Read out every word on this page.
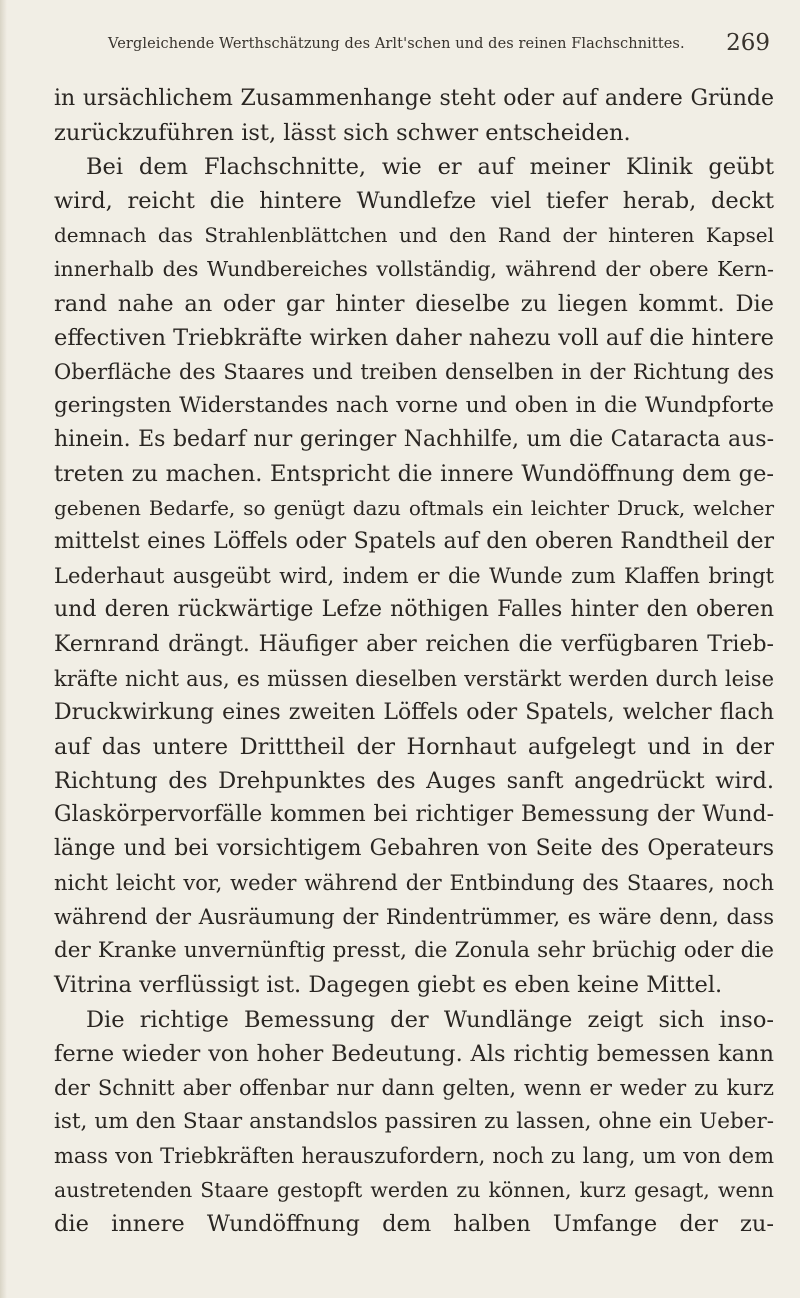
Vergleichende Werthschätzung des Arlt'schen und des reinen Flachschnittes. 269
in ursächlichem Zusammenhange steht oder auf andere Gründe
zurückzuführen ist, lässt sich schwer entscheiden.
Bei dem Flachschnitte, wie er auf meiner Klinik geübt
wird, reicht die hintere Wundlefze viel tiefer herab, deckt
demnach das Strahlenblättchen und den Rand der hinteren Kapsel
innerhalb des Wundbereiches vollständig, während der obere Kern-
rand nahe an oder gar hinter dieselbe zu liegen kommt. Die
effectiven Triebkräfte wirken daher nahezu voll auf die hintere
Oberfläche des Staares und treiben denselben in der Richtung des
geringsten Widerstandes nach vorne und oben in die Wundpforte
hinein. Es bedarf nur geringer Nachhilfe, um die Cataracta aus-
treten zu machen. Entspricht die innere Wundöffnung dem ge-
gebenen Bedarfe, so genügt dazu oftmals ein leichter Druck, welcher
mittelst eines Löffels oder Spatels auf den oberen Randtheil der
Lederhaut ausgeübt wird, indem er die Wunde zum Klaffen bringt
und deren rückwärtige Lefze nöthigen Falles hinter den oberen
Kernrand drängt. Häufiger aber reichen die verfügbaren Trieb-
kräfte nicht aus, es müssen dieselben verstärkt werden durch leise
Druckwirkung eines zweiten Löffels oder Spatels, welcher flach
auf das untere Dritttheil der Hornhaut aufgelegt und in der
Richtung des Drehpunktes des Auges sanft angedrückt wird.
Glaskörpervorfälle kommen bei richtiger Bemessung der Wund-
länge und bei vorsichtigem Gebahren von Seite des Operateurs
nicht leicht vor, weder während der Entbindung des Staares, noch
während der Ausräumung der Rindentrümmer, es wäre denn, dass
der Kranke unvernünftig presst, die Zonula sehr brüchig oder die
Vitrina verflüssigt ist. Dagegen giebt es eben keine Mittel.
Die richtige Bemessung der Wundlänge zeigt sich inso-
ferne wieder von hoher Bedeutung. Als richtig bemessen kann
der Schnitt aber offenbar nur dann gelten, wenn er weder zu kurz
ist, um den Staar anstandslos passiren zu lassen, ohne ein Ueber-
mass von Triebkräften herauszufordern, noch zu lang, um von dem
austretenden Staare gestopft werden zu können, kurz gesagt, wenn
die innere Wundöffnung dem halben Umfange der zu-
